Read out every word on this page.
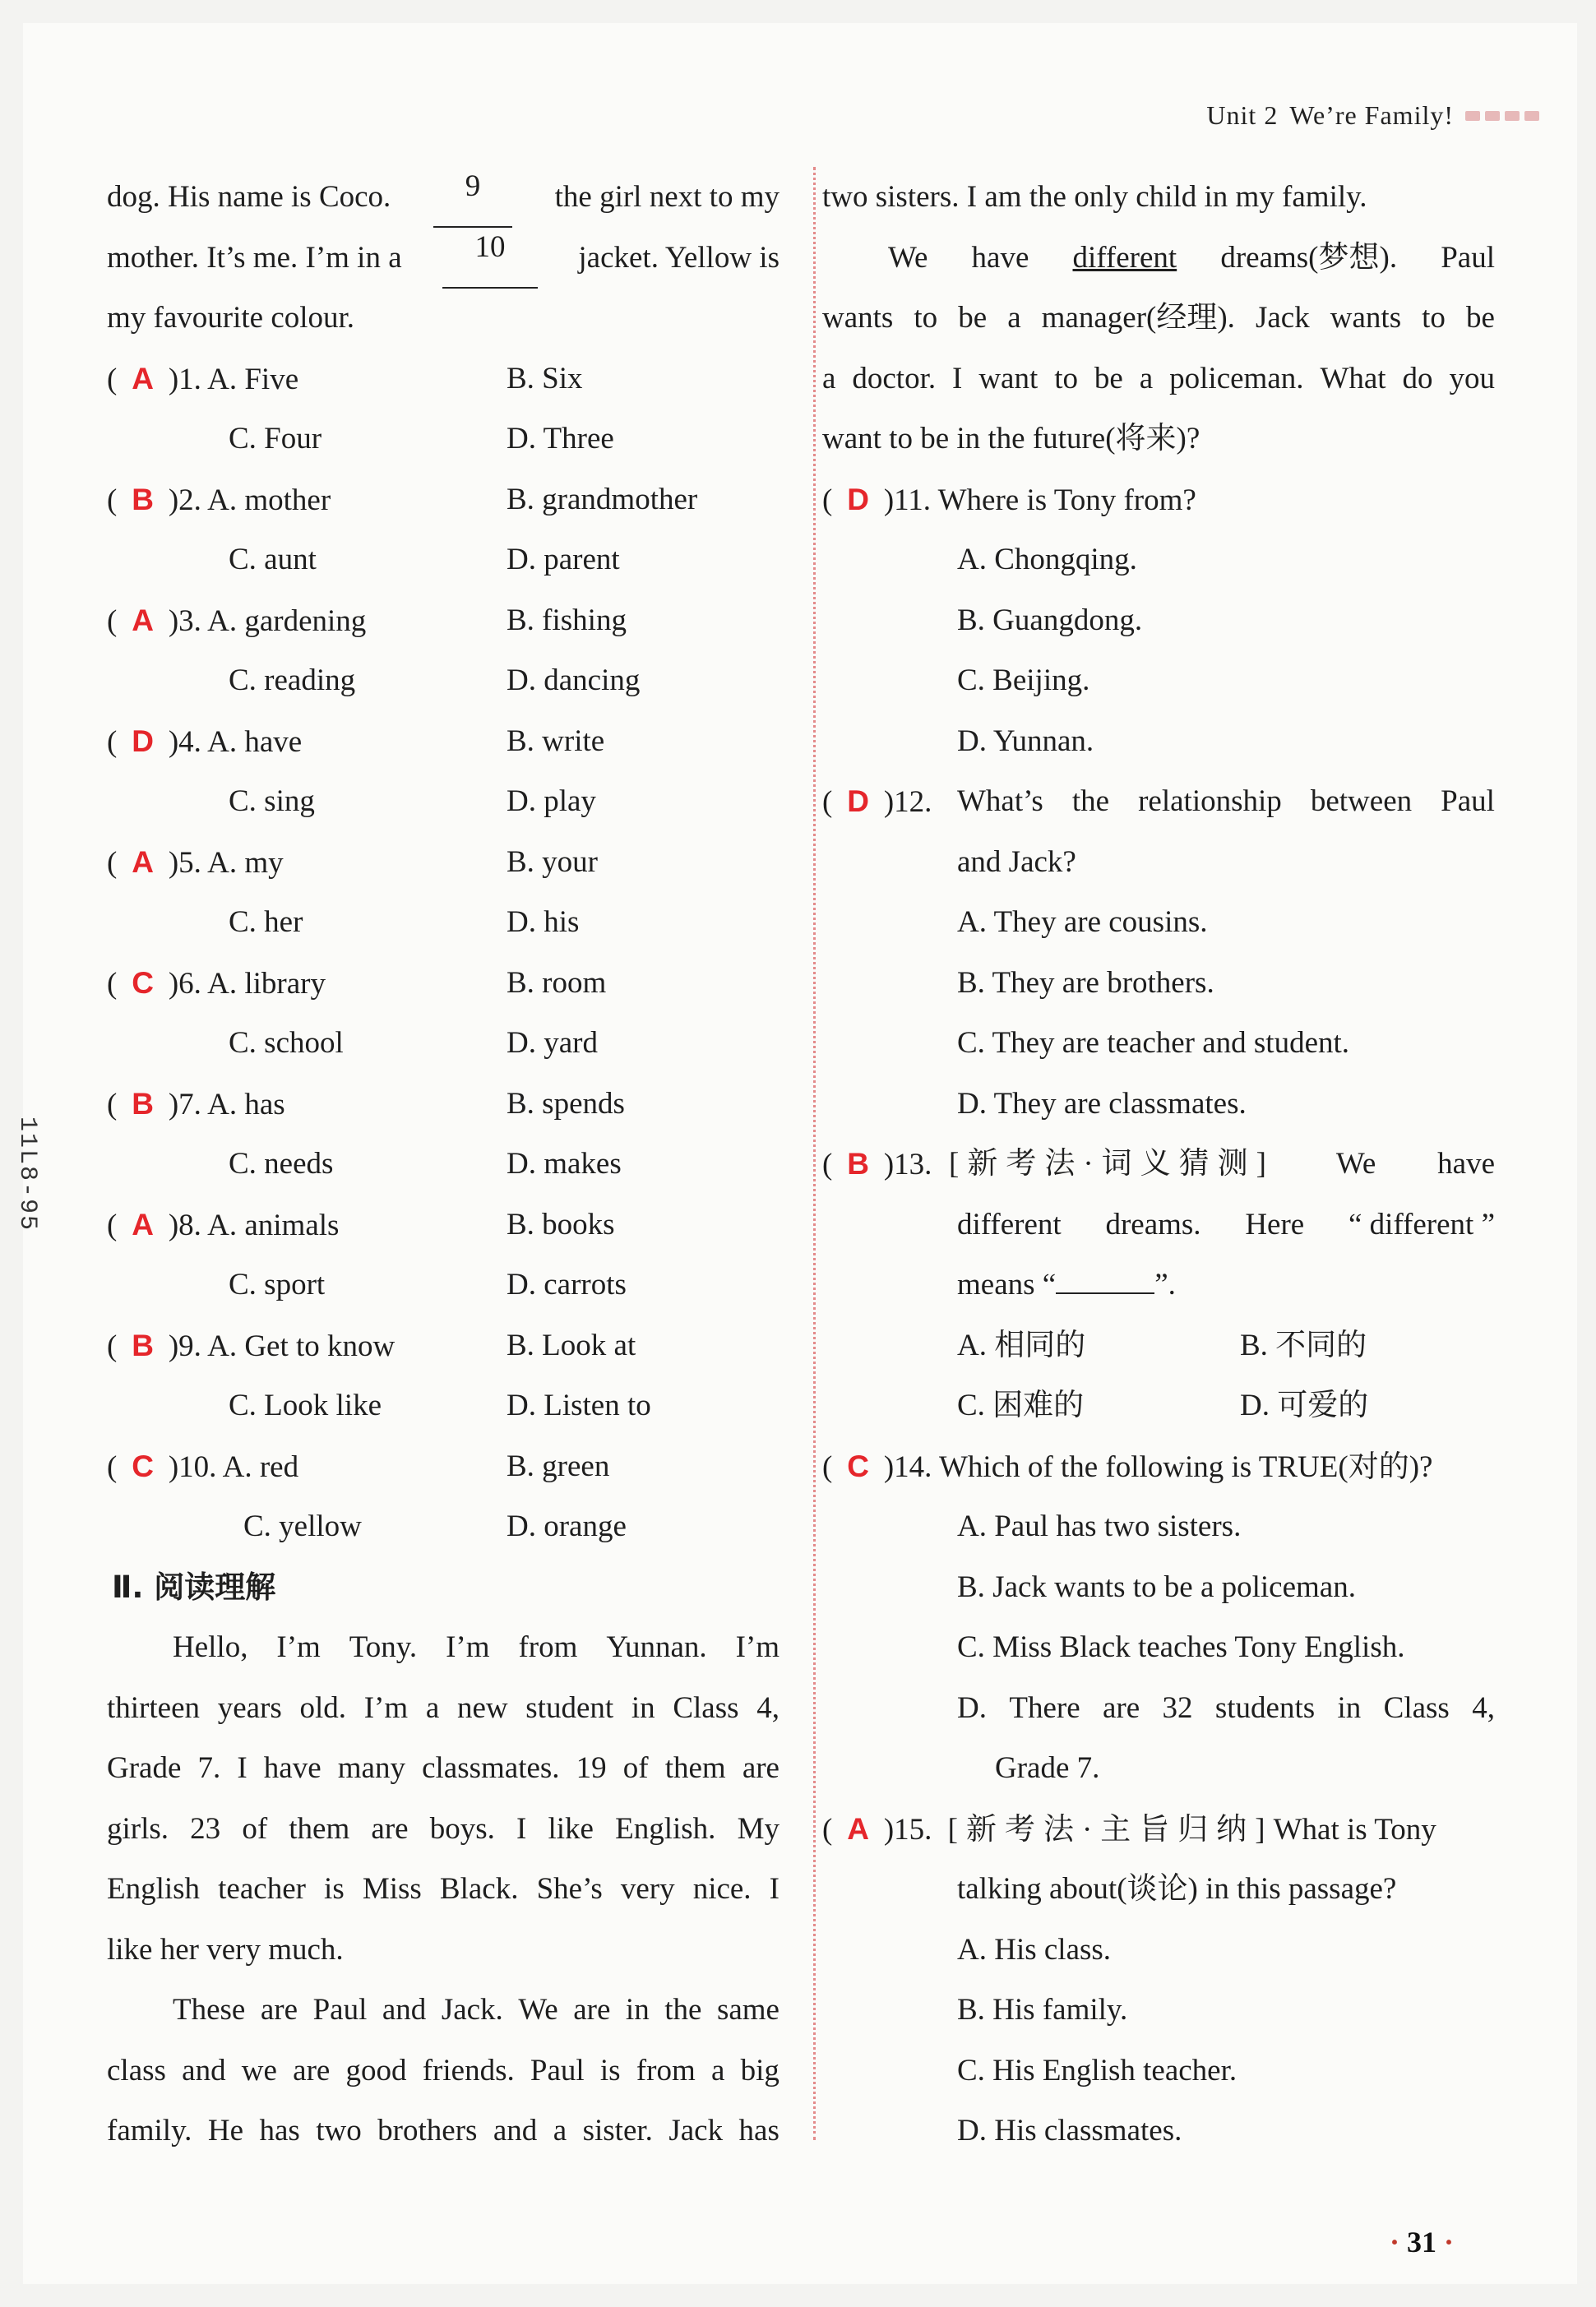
Unit 2 We’re Family!
11L8-95
dog. His name is Coco.	9	the girl next to my
mother. It’s me. I’m in a	10	jacket. Yellow is
my favourite colour.
( A )1. A. Five	B. Six
C. Four	D. Three
( B )2. A. mother	B. grandmother
C. aunt	D. parent
( A )3. A. gardening	B. fishing
C. reading	D. dancing
( D )4. A. have	B. write
C. sing	D. play
( A )5. A. my	B. your
C. her	D. his
( C )6. A. library	B. room
C. school	D. yard
( B )7. A. has	B. spends
C. needs	D. makes
( A )8. A. animals	B. books
C. sport	D. carrots
( B )9. A. Get to know	B. Look at
C. Look like	D. Listen to
( C )10. A. red	B. green
C. yellow	D. orange
Ⅱ. 阅读理解
Hello, I’m Tony. I’m from Yunnan. I’m
thirteen years old. I’m a new student in Class 4,
Grade 7. I have many classmates. 19 of them are
girls. 23 of them are boys. I like English. My
English teacher is Miss Black. She’s very nice. I
like her very much.
These are Paul and Jack. We are in the same
class and we are good friends. Paul is from a big
family. He has two brothers and a sister. Jack has
two sisters. I am the only child in my family.
We have different dreams(梦想). Paul
wants to be a manager(经理). Jack wants to be
a doctor. I want to be a policeman. What do you
want to be in the future(将来)?
( D )11. Where is Tony from?
A. Chongqing.
B. Guangdong.
C. Beijing.
D. Yunnan.
( D )12. What’s the relationship between Paul
and Jack?
A. They are cousins.
B. They are brothers.
C. They are teacher and student.
D. They are classmates.
( B )13. [新考法·词义猜测] We have
different dreams. Here “ different ”
means “	”.
A. 相同的	B. 不同的
C. 困难的	D. 可爱的
( C )14. Which of the following is TRUE(对的)?
A. Paul has two sisters.
B. Jack wants to be a policeman.
C. Miss Black teaches Tony English.
D. There are 32 students in Class 4,
Grade 7.
( A )15. [新考法·主旨归纳]What is Tony
talking about(谈论) in this passage?
A. His class.
B. His family.
C. His English teacher.
D. His classmates.
· 31 ·
